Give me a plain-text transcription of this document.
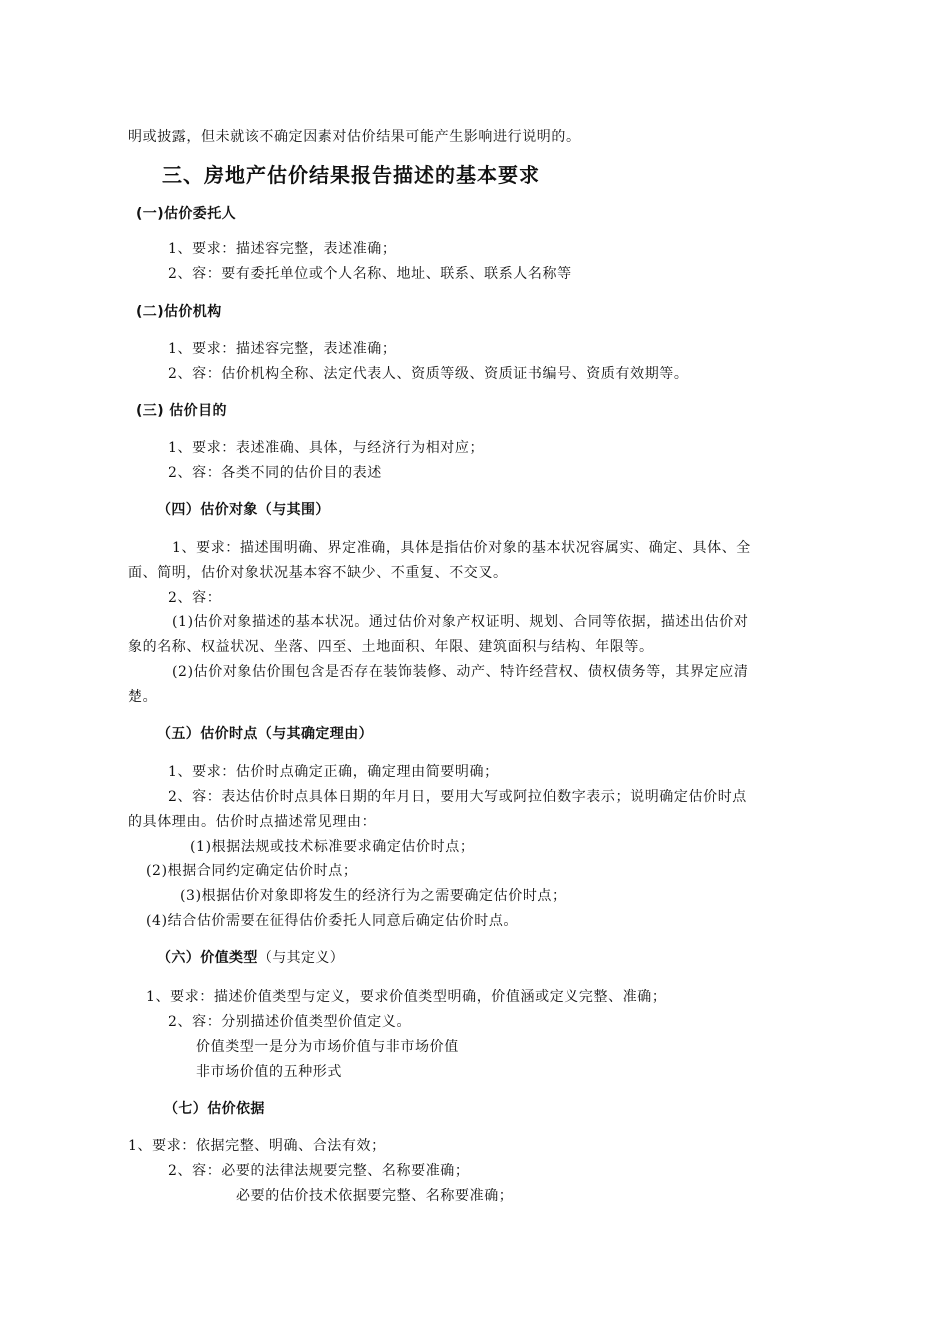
明或披露，但未就该不确定因素对估价结果可能产生影响进行说明的。
三、房地产估价结果报告描述的基本要求
(一)估价委托人
1、要求：描述容完整，表述准确；
2、容：要有委托单位或个人名称、地址、联系、联系人名称等
(二)估价机构
1、要求：描述容完整，表述准确；
2、容：估价机构全称、法定代表人、资质等级、资质证书编号、资质有效期等。
(三) 估价目的
1、要求：表述准确、具体，与经济行为相对应；
2、容：各类不同的估价目的表述
（四）估价对象（与其围）
1、要求：描述围明确、界定准确，具体是指估价对象的基本状况容属实、确定、具体、全
面、简明，估价对象状况基本容不缺少、不重复、不交叉。
2、容：
(1)估价对象描述的基本状况。通过估价对象产权证明、规划、合同等依据，描述出估价对
象的名称、权益状况、坐落、四至、土地面积、年限、建筑面积与结构、年限等。
(2)估价对象估价围包含是否存在装饰装修、动产、特许经营权、债权债务等，其界定应清
楚。
（五）估价时点（与其确定理由）
1、要求：估价时点确定正确，确定理由简要明确；
2、容：表达估价时点具体日期的年月日，要用大写或阿拉伯数字表示；说明确定估价时点
的具体理由。估价时点描述常见理由：
(1)根据法规或技术标准要求确定估价时点；
(2)根据合同约定确定估价时点；
(3)根据估价对象即将发生的经济行为之需要确定估价时点；
(4)结合估价需要在征得估价委托人同意后确定估价时点。
（六）价值类型（与其定义）
1、要求：描述价值类型与定义，要求价值类型明确，价值涵或定义完整、准确；
2、容：分别描述价值类型价值定义。
价值类型一是分为市场价值与非市场价值
非市场价值的五种形式
（七）估价依据
1、要求：依据完整、明确、合法有效；
2、容：必要的法律法规要完整、名称要准确；
必要的估价技术依据要完整、名称要准确；
